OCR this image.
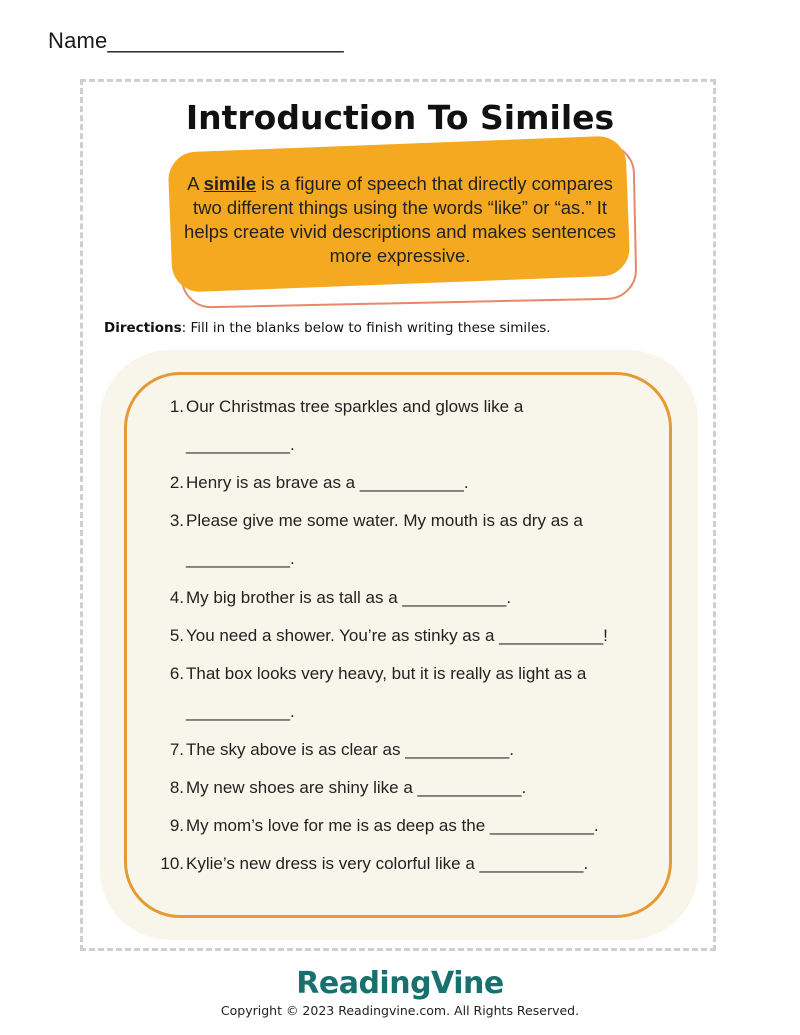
Name___________________
Introduction To Similes
A simile is a figure of speech that directly compares two different things using the words “like” or “as.” It helps create vivid descriptions and makes sentences more expressive.
Directions: Fill in the blanks below to finish writing these similes.
1. Our Christmas tree sparkles and glows like a
___________.
2. Henry is as brave as a ___________.
3. Please give me some water. My mouth is as dry as a
___________.
4. My big brother is as tall as a ___________.
5. You need a shower. You’re as stinky as a ___________!
6. That box looks very heavy, but it is really as light as a
___________.
7. The sky above is as clear as ___________.
8. My new shoes are shiny like a ___________.
9. My mom’s love for me is as deep as the ___________.
10. Kylie’s new dress is very colorful like a ___________.
ReadingVine
Copyright © 2023 Readingvine.com. All Rights Reserved.
